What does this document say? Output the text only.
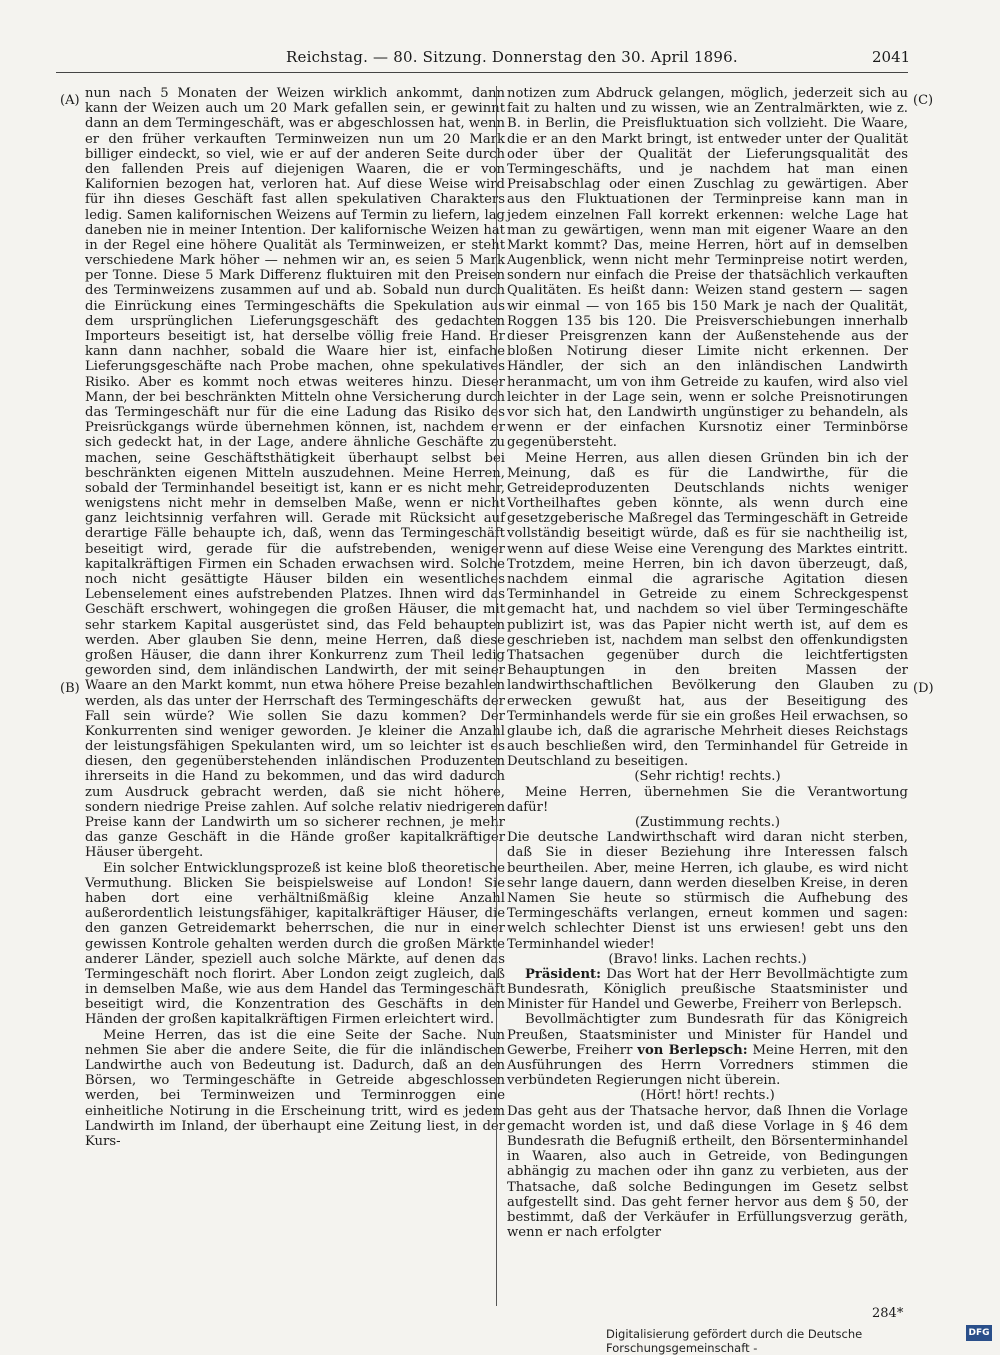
Reichstag. — 80. Sitzung. Donnerstag den 30. April 1896.	2041
(A)
(B)
(C)
(D)

nun nach 5 Monaten der Weizen wirklich ankommt, dann kann der Weizen auch um 20 Mark gefallen sein, er gewinnt dann an dem Termingeschäft, was er abgeschlossen hat, wenn er den früher verkauften Terminweizen nun um 20 Mark billiger eindeckt, so viel, wie er auf der anderen Seite durch den fallenden Preis auf diejenigen Waaren, die er von Kalifornien bezogen hat, verloren hat. Auf diese Weise wird für ihn dieses Geschäft fast allen spekulativen Charakters ledig. Samen kalifornischen Weizens auf Termin zu liefern, lag daneben nie in meiner Intention. Der kalifornische Weizen hat in der Regel eine höhere Qualität als Terminweizen, er steht verschiedene Mark höher — nehmen wir an, es seien 5 Mark per Tonne. Diese 5 Mark Differenz fluktuiren mit den Preisen des Terminweizens zusammen auf und ab. Sobald nun durch die Einrückung eines Termingeschäfts die Spekulation aus dem ursprünglichen Lieferungsgeschäft des gedachten Importeurs beseitigt ist, hat derselbe völlig freie Hand. Er kann dann nachher, sobald die Waare hier ist, einfache Lieferungsgeschäfte nach Probe machen, ohne spekulatives Risiko. Aber es kommt noch etwas weiteres hinzu. Dieser Mann, der bei beschränkten Mitteln ohne Versicherung durch das Termingeschäft nur für die eine Ladung das Risiko des Preisrückgangs würde übernehmen können, ist, nachdem er sich gedeckt hat, in der Lage, andere ähnliche Geschäfte zu machen, seine Geschäftsthätigkeit überhaupt selbst bei beschränkten eigenen Mitteln auszudehnen. Meine Herren, sobald der Terminhandel beseitigt ist, kann er es nicht mehr, wenigstens nicht mehr in demselben Maße, wenn er nicht ganz leichtsinnig verfahren will. Gerade mit Rücksicht auf derartige Fälle behaupte ich, daß, wenn das Termingeschäft beseitigt wird, gerade für die aufstrebenden, weniger kapitalkräftigen Firmen ein Schaden erwachsen wird. Solche noch nicht gesättigte Häuser bilden ein wesentliches Lebenselement eines aufstrebenden Platzes. Ihnen wird das Geschäft erschwert, wohingegen die großen Häuser, die mit sehr starkem Kapital ausgerüstet sind, das Feld behaupten werden. Aber glauben Sie denn, meine Herren, daß diese großen Häuser, die dann ihrer Konkurrenz zum Theil ledig geworden sind, dem inländischen Landwirth, der mit seiner Waare an den Markt kommt, nun etwa höhere Preise bezahlen werden, als das unter der Herrschaft des Termingeschäfts der Fall sein würde? Wie sollen Sie dazu kommen? Der Konkurrenten sind weniger geworden. Je kleiner die Anzahl der leistungsfähigen Spekulanten wird, um so leichter ist es diesen, den gegenüberstehenden inländischen Produzenten ihrerseits in die Hand zu bekommen, und das wird dadurch zum Ausdruck gebracht werden, daß sie nicht höhere, sondern niedrige Preise zahlen. Auf solche relativ niedrigeren Preise kann der Landwirth um so sicherer rechnen, je mehr das ganze Geschäft in die Hände großer kapitalkräftiger Häuser übergeht.

Ein solcher Entwicklungsprozeß ist keine bloß theoretische Vermuthung. Blicken Sie beispielsweise auf London! Sie haben dort eine verhältnißmäßig kleine Anzahl außerordentlich leistungsfähiger, kapitalkräftiger Häuser, die den ganzen Getreidemarkt beherrschen, die nur in einer gewissen Kontrole gehalten werden durch die großen Märkte anderer Länder, speziell auch solche Märkte, auf denen das Termingeschäft noch florirt. Aber London zeigt zugleich, daß in demselben Maße, wie aus dem Handel das Termingeschäft beseitigt wird, die Konzentration des Geschäfts in den Händen der großen kapitalkräftigen Firmen erleichtert wird.

Meine Herren, das ist die eine Seite der Sache. Nun nehmen Sie aber die andere Seite, die für die inländischen Landwirthe auch von Bedeutung ist. Dadurch, daß an den Börsen, wo Termingeschäfte in Getreide abgeschlossen werden, bei Terminweizen und Terminroggen eine einheitliche Notirung in die Erscheinung tritt, wird es jedem Landwirth im Inland, der überhaupt eine Zeitung liest, in der Kurs-

notizen zum Abdruck gelangen, möglich, jederzeit sich au fait zu halten und zu wissen, wie an Zentralmärkten, wie z. B. in Berlin, die Preisfluktuation sich vollzieht. Die Waare, die er an den Markt bringt, ist entweder unter der Qualität oder über der Qualität der Lieferungsqualität des Termingeschäfts, und je nachdem hat man einen Preisabschlag oder einen Zuschlag zu gewärtigen. Aber aus den Fluktuationen der Terminpreise kann man in jedem einzelnen Fall korrekt erkennen: welche Lage hat man zu gewärtigen, wenn man mit eigener Waare an den Markt kommt? Das, meine Herren, hört auf in demselben Augenblick, wenn nicht mehr Terminpreise notirt werden, sondern nur einfach die Preise der thatsächlich verkauften Qualitäten. Es heißt dann: Weizen stand gestern — sagen wir einmal — von 165 bis 150 Mark je nach der Qualität, Roggen 135 bis 120. Die Preisverschiebungen innerhalb dieser Preisgrenzen kann der Außenstehende aus der bloßen Notirung dieser Limite nicht erkennen. Der Händler, der sich an den inländischen Landwirth heranmacht, um von ihm Getreide zu kaufen, wird also viel leichter in der Lage sein, wenn er solche Preisnotirungen vor sich hat, den Landwirth ungünstiger zu behandeln, als wenn er der einfachen Kursnotiz einer Terminbörse gegenübersteht.

Meine Herren, aus allen diesen Gründen bin ich der Meinung, daß es für die Landwirthe, für die Getreideproduzenten Deutschlands nichts weniger Vortheilhaftes geben könnte, als wenn durch eine gesetzgeberische Maßregel das Termingeschäft in Getreide vollständig beseitigt würde, daß es für sie nachtheilig ist, wenn auf diese Weise eine Verengung des Marktes eintritt. Trotzdem, meine Herren, bin ich davon überzeugt, daß, nachdem einmal die agrarische Agitation diesen Terminhandel in Getreide zu einem Schreckgespenst gemacht hat, und nachdem so viel über Termingeschäfte publizirt ist, was das Papier nicht werth ist, auf dem es geschrieben ist, nachdem man selbst den offenkundigsten Thatsachen gegenüber durch die leichtfertigsten Behauptungen in den breiten Massen der landwirthschaftlichen Bevölkerung den Glauben zu erwecken gewußt hat, aus der Beseitigung des Terminhandels werde für sie ein großes Heil erwachsen, so glaube ich, daß die agrarische Mehrheit dieses Reichstags auch beschließen wird, den Terminhandel für Getreide in Deutschland zu beseitigen.

(Sehr richtig! rechts.)

Meine Herren, übernehmen Sie die Verantwortung dafür!

(Zustimmung rechts.)

Die deutsche Landwirthschaft wird daran nicht sterben, daß Sie in dieser Beziehung ihre Interessen falsch beurtheilen. Aber, meine Herren, ich glaube, es wird nicht sehr lange dauern, dann werden dieselben Kreise, in deren Namen Sie heute so stürmisch die Aufhebung des Termingeschäfts verlangen, erneut kommen und sagen: welch schlechter Dienst ist uns erwiesen! gebt uns den Terminhandel wieder!

(Bravo! links. Lachen rechts.)

Präsident: Das Wort hat der Herr Bevollmächtigte zum Bundesrath, Königlich preußische Staatsminister und Minister für Handel und Gewerbe, Freiherr von Berlepsch.

Bevollmächtigter zum Bundesrath für das Königreich Preußen, Staatsminister und Minister für Handel und Gewerbe, Freiherr von Berlepsch: Meine Herren, mit den Ausführungen des Herrn Vorredners stimmen die verbündeten Regierungen nicht überein.

(Hört! hört! rechts.)

Das geht aus der Thatsache hervor, daß Ihnen die Vorlage gemacht worden ist, und daß diese Vorlage in § 46 dem Bundesrath die Befugniß ertheilt, den Börsenterminhandel in Waaren, also auch in Getreide, von Bedingungen abhängig zu machen oder ihn ganz zu verbieten, aus der Thatsache, daß solche Bedingungen im Gesetz selbst aufgestellt sind. Das geht ferner hervor aus dem § 50, der bestimmt, daß der Verkäufer in Erfüllungsverzug geräth, wenn er nach erfolgter

284*
Digitalisierung gefördert durch die Deutsche Forschungsgemeinschaft -
DFG
